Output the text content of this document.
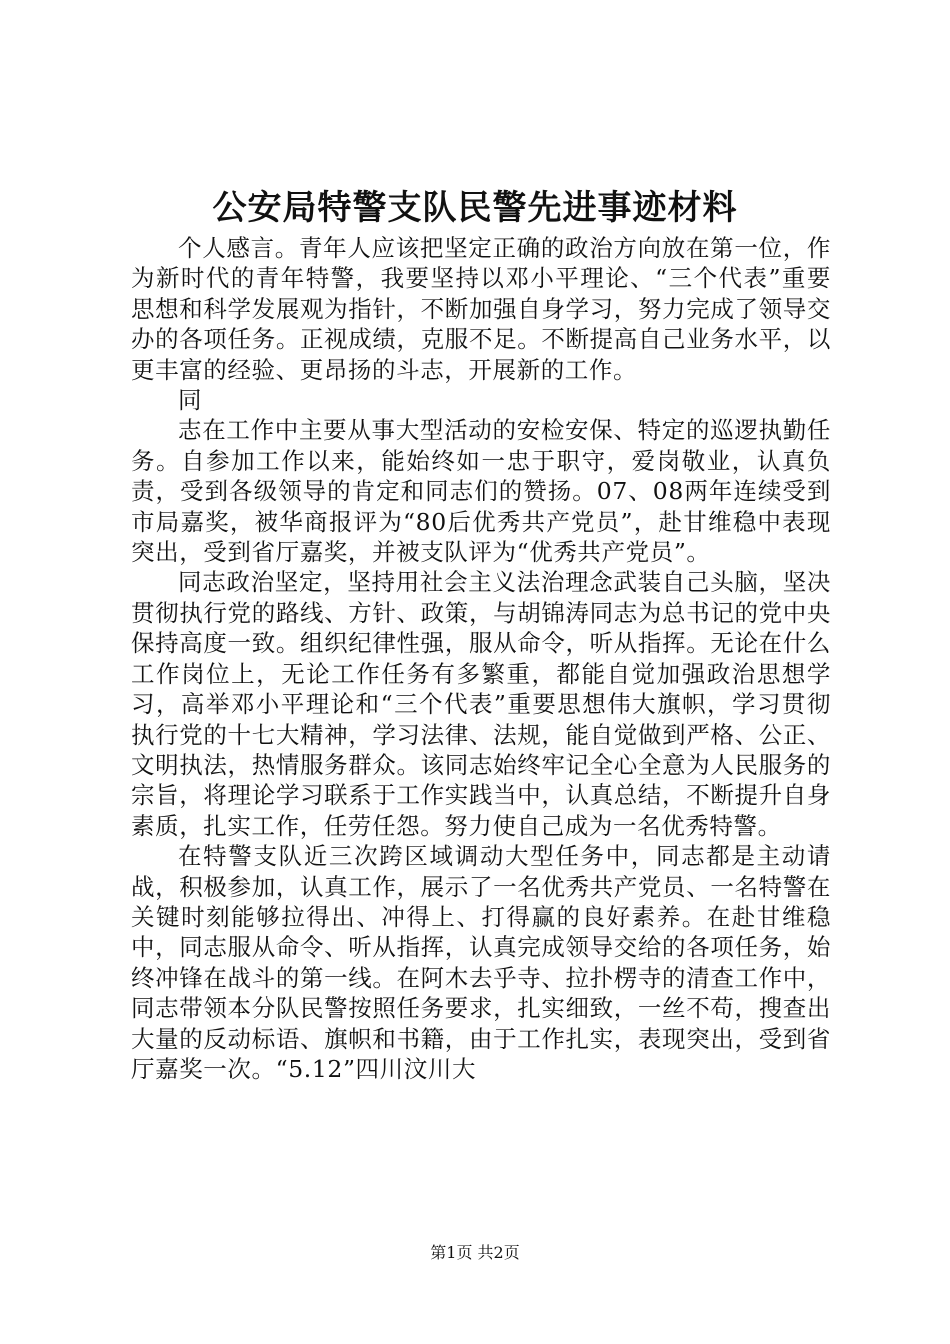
公安局特警支队民警先进事迹材料

个人感言。青年人应该把坚定正确的政治方向放在第一位，作为新时代的青年特警，我要坚持以邓小平理论、“三个代表”重要思想和科学发展观为指针，不断加强自身学习，努力完成了领导交办的各项任务。正视成绩，克服不足。不断提高自己业务水平，以更丰富的经验、更昂扬的斗志，开展新的工作。

同

志在工作中主要从事大型活动的安检安保、特定的巡逻执勤任务。自参加工作以来，能始终如一忠于职守，爱岗敬业，认真负责，受到各级领导的肯定和同志们的赞扬。07、08两年连续受到市局嘉奖，被华商报评为“80后优秀共产党员”，赴甘维稳中表现突出，受到省厅嘉奖，并被支队评为“优秀共产党员”。

同志政治坚定，坚持用社会主义法治理念武装自己头脑，坚决贯彻执行党的路线、方针、政策，与胡锦涛同志为总书记的党中央保持高度一致。组织纪律性强，服从命令，听从指挥。无论在什么工作岗位上，无论工作任务有多繁重，都能自觉加强政治思想学习，高举邓小平理论和“三个代表”重要思想伟大旗帜，学习贯彻执行党的十七大精神，学习法律、法规，能自觉做到严格、公正、文明执法，热情服务群众。该同志始终牢记全心全意为人民服务的宗旨，将理论学习联系于工作实践当中，认真总结，不断提升自身素质，扎实工作，任劳任怨。努力使自己成为一名优秀特警。

在特警支队近三次跨区域调动大型任务中，同志都是主动请战，积极参加，认真工作，展示了一名优秀共产党员、一名特警在关键时刻能够拉得出、冲得上、打得赢的良好素养。在赴甘维稳中，同志服从命令、听从指挥，认真完成领导交给的各项任务，始终冲锋在战斗的第一线。在阿木去乎寺、拉扑楞寺的清查工作中，同志带领本分队民警按照任务要求，扎实细致，一丝不苟，搜查出大量的反动标语、旗帜和书籍，由于工作扎实，表现突出，受到省厅嘉奖一次。“5.12”四川汶川大

第1页 共2页
